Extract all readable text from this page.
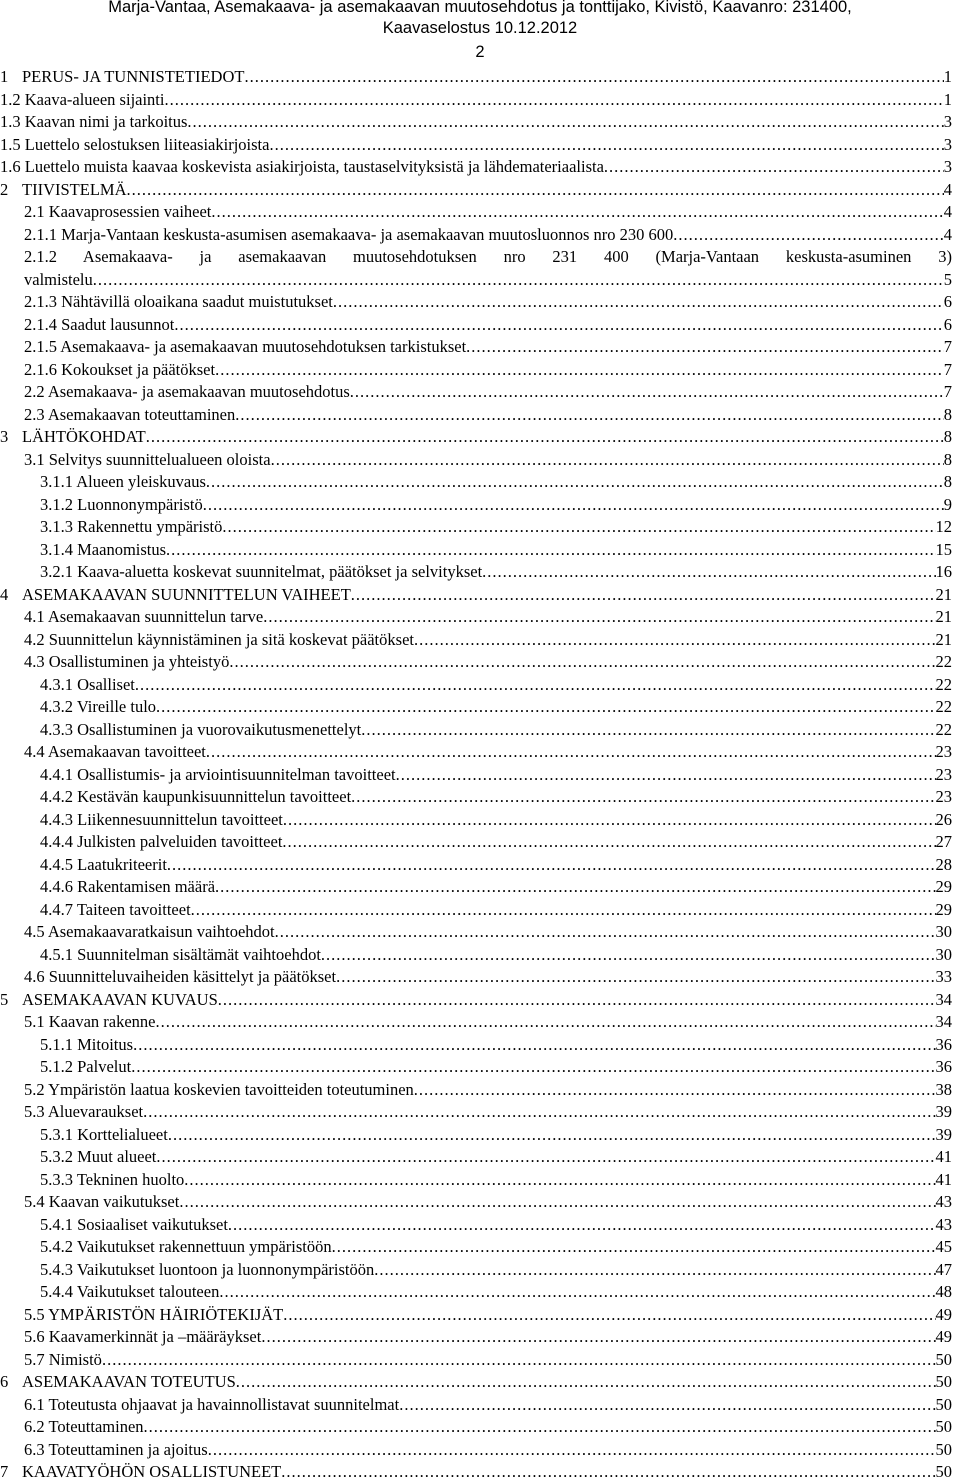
Marja-Vantaa, Asemakaava- ja asemakaavan muutosehdotus ja tonttijako, Kivistö, Kaavanro: 231400,
Kaavaselostus 10.12.2012
2
1 PERUS- JA TUNNISTETIEDOT .....	1
1.2 Kaava-alueen sijainti .....	1
1.3 Kaavan nimi ja tarkoitus .....	3
1.5 Luettelo selostuksen liiteasiakirjoista .....	3
1.6 Luettelo muista kaavaa koskevista asiakirjoista, taustaselvityksistä ja lähdemateriaalista .....	3
2 TIIVISTELMÄ .....	4
2.1 Kaavaprosessien vaiheet .....	4
2.1.1 Marja-Vantaan keskusta-asumisen asemakaava- ja asemakaavan muutosluonnos nro 230 600 .....	4
2.1.2 Asemakaava- ja asemakaavan muutosehdotuksen nro 231 400 (Marja-Vantaan keskusta-asuminen 3)
valmistelu .....	5
2.1.3 Nähtävillä oloaikana saadut muistutukset .....	6
2.1.4 Saadut lausunnot .....	6
2.1.5 Asemakaava- ja asemakaavan muutosehdotuksen tarkistukset .....	7
2.1.6 Kokoukset ja päätökset .....	7
2.2 Asemakaava- ja asemakaavan muutosehdotus .....	7
2.3 Asemakaavan toteuttaminen .....	8
3 LÄHTÖKOHDAT .....	8
3.1 Selvitys suunnittelualueen oloista .....	8
3.1.1 Alueen yleiskuvaus .....	8
3.1.2 Luonnonympäristö .....	9
3.1.3 Rakennettu ympäristö .....	12
3.1.4 Maanomistus .....	15
3.2.1 Kaava-aluetta koskevat suunnitelmat, päätökset ja selvitykset .....	16
4 ASEMAKAAVAN SUUNNITTELUN VAIHEET .....	21
4.1 Asemakaavan suunnittelun tarve .....	21
4.2 Suunnittelun käynnistäminen ja sitä koskevat päätökset .....	21
4.3 Osallistuminen ja yhteistyö .....	22
4.3.1 Osalliset .....	22
4.3.2 Vireille tulo .....	22
4.3.3 Osallistuminen ja vuorovaikutusmenettelyt .....	22
4.4 Asemakaavan tavoitteet .....	23
4.4.1 Osallistumis- ja arviointisuunnitelman tavoitteet .....	23
4.4.2 Kestävän kaupunkisuunnittelun tavoitteet .....	23
4.4.3 Liikennesuunnittelun tavoitteet .....	26
4.4.4 Julkisten palveluiden tavoitteet .....	27
4.4.5 Laatukriteerit .....	28
4.4.6 Rakentamisen määrä .....	29
4.4.7 Taiteen tavoitteet .....	29
4.5 Asemakaavaratkaisun vaihtoehdot .....	30
4.5.1 Suunnitelman sisältämät vaihtoehdot .....	30
4.6 Suunnitteluvaiheiden käsittelyt ja päätökset .....	33
5 ASEMAKAAVAN KUVAUS .....	34
5.1 Kaavan rakenne .....	34
5.1.1 Mitoitus .....	36
5.1.2 Palvelut .....	36
5.2 Ympäristön laatua koskevien tavoitteiden toteutuminen .....	38
5.3 Aluevaraukset .....	39
5.3.1 Korttelialueet .....	39
5.3.2 Muut alueet .....	41
5.3.3 Tekninen huolto .....	41
5.4 Kaavan vaikutukset .....	43
5.4.1 Sosiaaliset vaikutukset .....	43
5.4.2 Vaikutukset rakennettuun ympäristöön .....	45
5.4.3 Vaikutukset luontoon ja luonnonympäristöön .....	47
5.4.4 Vaikutukset talouteen .....	48
5.5 YMPÄRISTÖN HÄIRIÖTEKIJÄT .....	49
5.6 Kaavamerkinnät ja –määräykset .....	49
5.7 Nimistö .....	50
6 ASEMAKAAVAN TOTEUTUS .....	50
6.1 Toteutusta ohjaavat ja havainnollistavat suunnitelmat .....	50
6.2 Toteuttaminen .....	50
6.3 Toteuttaminen ja ajoitus .....	50
7 KAAVATYÖHÖN OSALLISTUNEET .....	50
